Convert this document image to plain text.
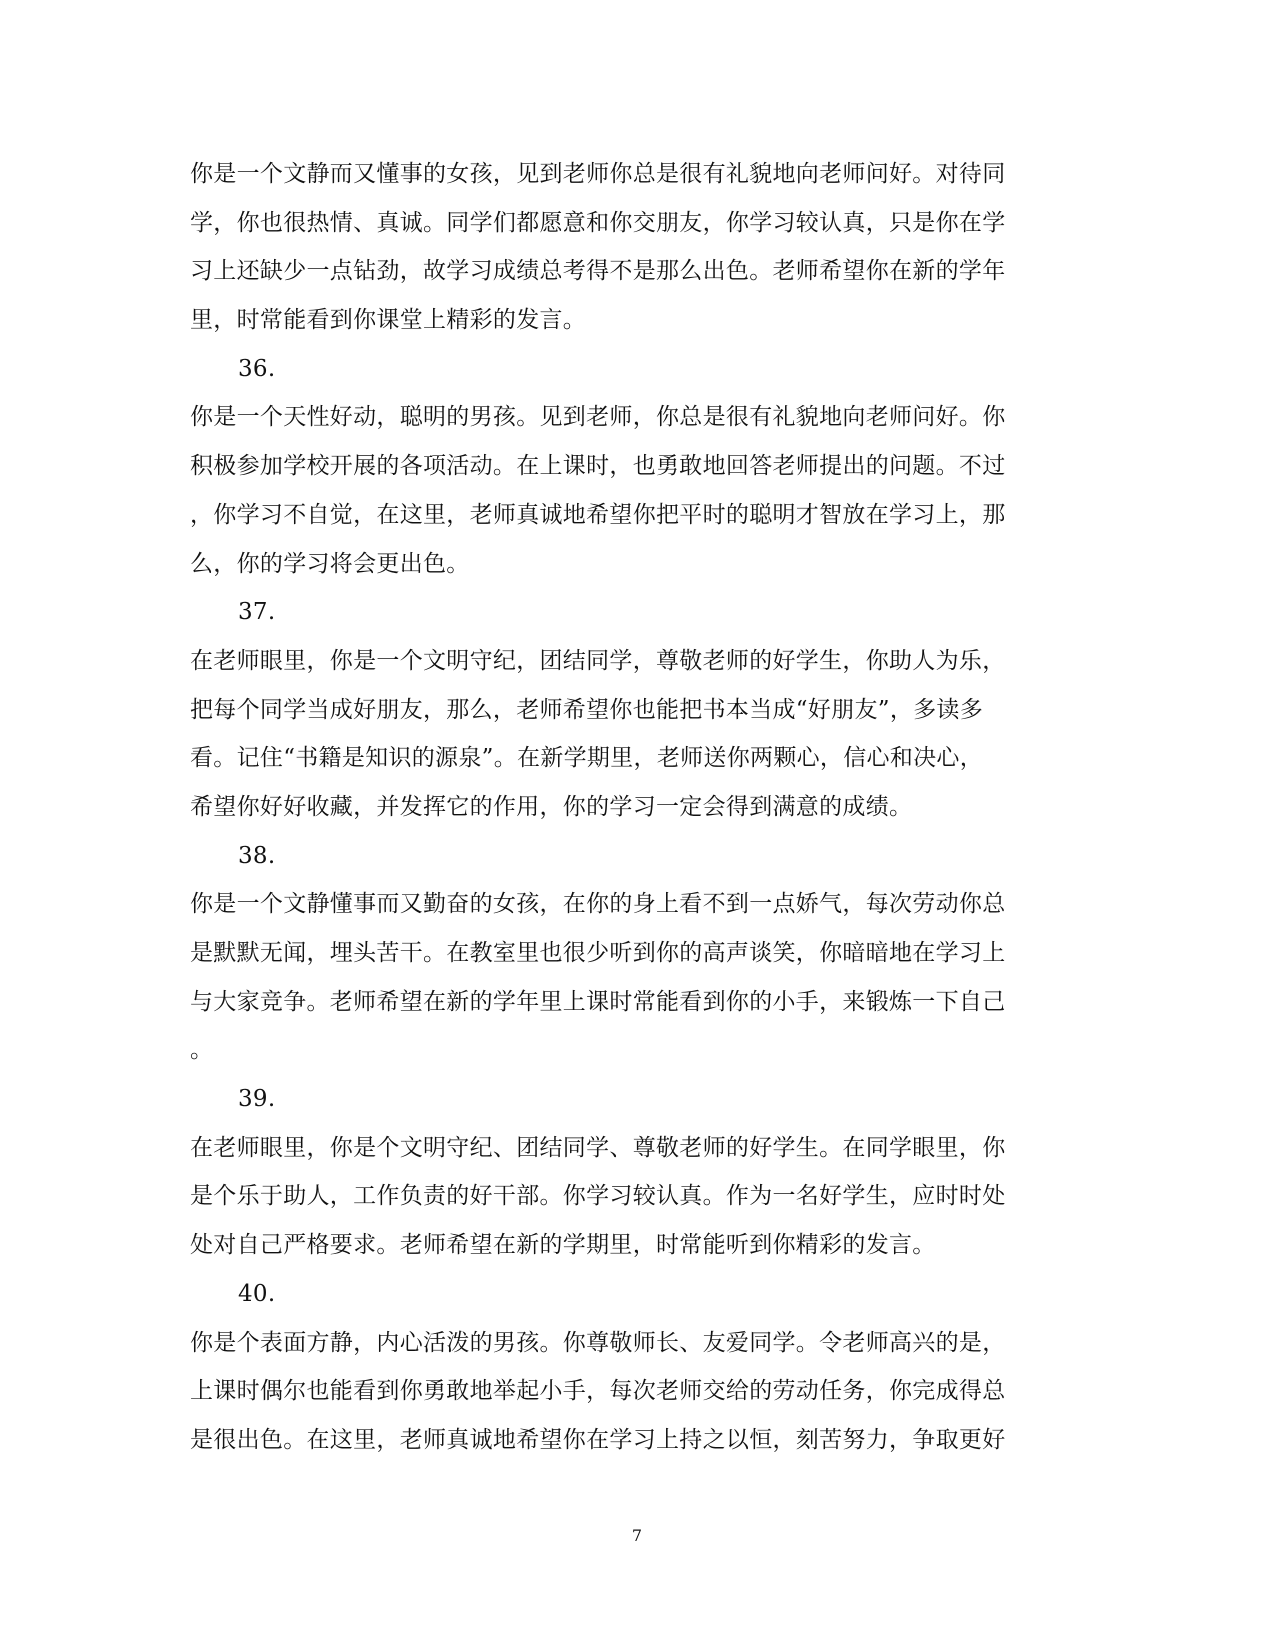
你是一个文静而又懂事的女孩，见到老师你总是很有礼貌地向老师问好。对待同
学，你也很热情、真诚。同学们都愿意和你交朋友，你学习较认真，只是你在学
习上还缺少一点钻劲，故学习成绩总考得不是那么出色。老师希望你在新的学年
里，时常能看到你课堂上精彩的发言。
36.
你是一个天性好动，聪明的男孩。见到老师，你总是很有礼貌地向老师问好。你
积极参加学校开展的各项活动。在上课时，也勇敢地回答老师提出的问题。不过
，你学习不自觉，在这里，老师真诚地希望你把平时的聪明才智放在学习上，那
么，你的学习将会更出色。
37.
在老师眼里，你是一个文明守纪，团结同学，尊敬老师的好学生，你助人为乐，
把每个同学当成好朋友，那么，老师希望你也能把书本当成“好朋友”，多读多
看。记住“书籍是知识的源泉”。在新学期里，老师送你两颗心，信心和决心，
希望你好好收藏，并发挥它的作用，你的学习一定会得到满意的成绩。
38.
你是一个文静懂事而又勤奋的女孩，在你的身上看不到一点娇气，每次劳动你总
是默默无闻，埋头苦干。在教室里也很少听到你的高声谈笑，你暗暗地在学习上
与大家竞争。老师希望在新的学年里上课时常能看到你的小手，来锻炼一下自己
。
39.
在老师眼里，你是个文明守纪、团结同学、尊敬老师的好学生。在同学眼里，你
是个乐于助人，工作负责的好干部。你学习较认真。作为一名好学生，应时时处
处对自己严格要求。老师希望在新的学期里，时常能听到你精彩的发言。
40.
你是个表面方静，内心活泼的男孩。你尊敬师长、友爱同学。令老师高兴的是，
上课时偶尔也能看到你勇敢地举起小手，每次老师交给的劳动任务，你完成得总
是很出色。在这里，老师真诚地希望你在学习上持之以恒，刻苦努力，争取更好
7
